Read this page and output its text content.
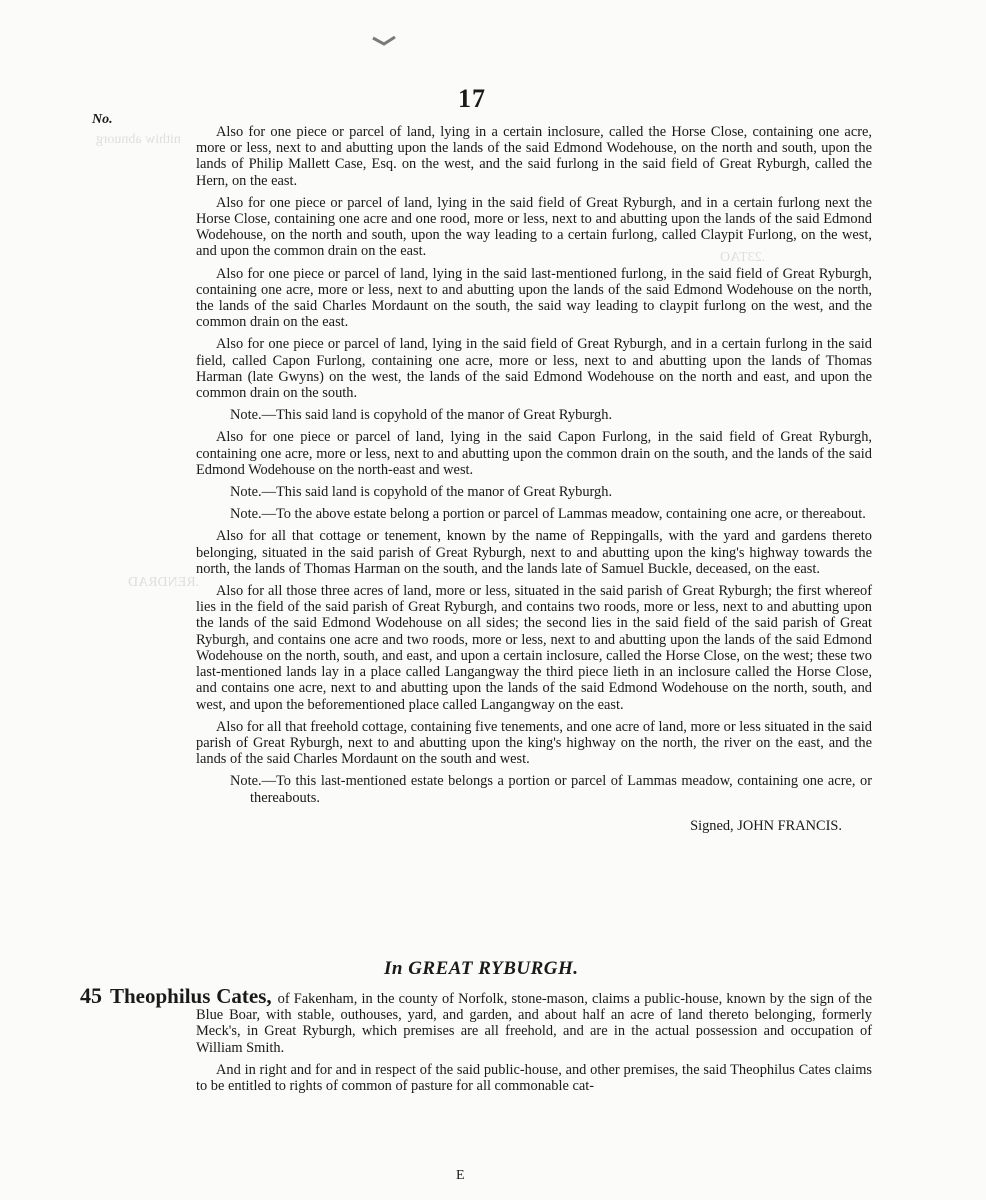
nithiw abnuorg
.23TAO
.RENDRAD
17
No.

Also for one piece or parcel of land, lying in a certain inclosure, called the Horse Close, containing one acre, more or less, next to and abutting upon the lands of the said Edmond Wodehouse, on the north and south, upon the lands of Philip Mallett Case, Esq. on the west, and the said furlong in the said field of Great Ryburgh, called the Hern, on the east.

Also for one piece or parcel of land, lying in the said field of Great Ryburgh, and in a certain furlong next the Horse Close, containing one acre and one rood, more or less, next to and abutting upon the lands of the said Edmond Wodehouse, on the north and south, upon the way leading to a certain furlong, called Claypit Furlong, on the west, and upon the common drain on the east.

Also for one piece or parcel of land, lying in the said last-mentioned furlong, in the said field of Great Ryburgh, containing one acre, more or less, next to and abutting upon the lands of the said Edmond Wodehouse on the north, the lands of the said Charles Mordaunt on the south, the said way leading to claypit furlong on the west, and the common drain on the east.

Also for one piece or parcel of land, lying in the said field of Great Ryburgh, and in a certain furlong in the said field, called Capon Furlong, containing one acre, more or less, next to and abutting upon the lands of Thomas Harman (late Gwyns) on the west, the lands of the said Edmond Wodehouse on the north and east, and upon the common drain on the south.

Note.—This said land is copyhold of the manor of Great Ryburgh.

Also for one piece or parcel of land, lying in the said Capon Furlong, in the said field of Great Ryburgh, containing one acre, more or less, next to and abutting upon the common drain on the south, and the lands of the said Edmond Wodehouse on the north-east and west.

Note.—This said land is copyhold of the manor of Great Ryburgh.

Note.—To the above estate belong a portion or parcel of Lammas meadow, containing one acre, or thereabout.

Also for all that cottage or tenement, known by the name of Reppingalls, with the yard and gardens thereto belonging, situated in the said parish of Great Ryburgh, next to and abutting upon the king's highway towards the north, the lands of Thomas Harman on the south, and the lands late of Samuel Buckle, deceased, on the east.

Also for all those three acres of land, more or less, situated in the said parish of Great Ryburgh; the first whereof lies in the field of the said parish of Great Ryburgh, and contains two roods, more or less, next to and abutting upon the lands of the said Edmond Wodehouse on all sides; the second lies in the said field of the said parish of Great Ryburgh, and contains one acre and two roods, more or less, next to and abutting upon the lands of the said Edmond Wodehouse on the north, south, and east, and upon a certain inclosure, called the Horse Close, on the west; these two last-mentioned lands lay in a place called Langangway the third piece lieth in an inclosure called the Horse Close, and contains one acre, next to and abutting upon the lands of the said Edmond Wodehouse on the north, south, and west, and upon the beforementioned place called Langangway on the east.

Also for all that freehold cottage, containing five tenements, and one acre of land, more or less situated in the said parish of Great Ryburgh, next to and abutting upon the king's highway on the north, the river on the east, and the lands of the said Charles Mordaunt on the south and west.

Note.—To this last-mentioned estate belongs a portion or parcel of Lammas meadow, containing one acre, or thereabouts.

Signed, JOHN FRANCIS.
In GREAT RYBURGH.

45 Theophilus Cates, of Fakenham, in the county of Norfolk, stone-mason, claims a public-house, known by the sign of the Blue Boar, with stable, outhouses, yard, and garden, and about half an acre of land thereto belonging, formerly Meck's, in Great Ryburgh, which premises are all freehold, and are in the actual possession and occupation of William Smith.

And in right and for and in respect of the said public-house, and other premises, the said Theophilus Cates claims to be entitled to rights of common of pasture for all commonable cat-

E
